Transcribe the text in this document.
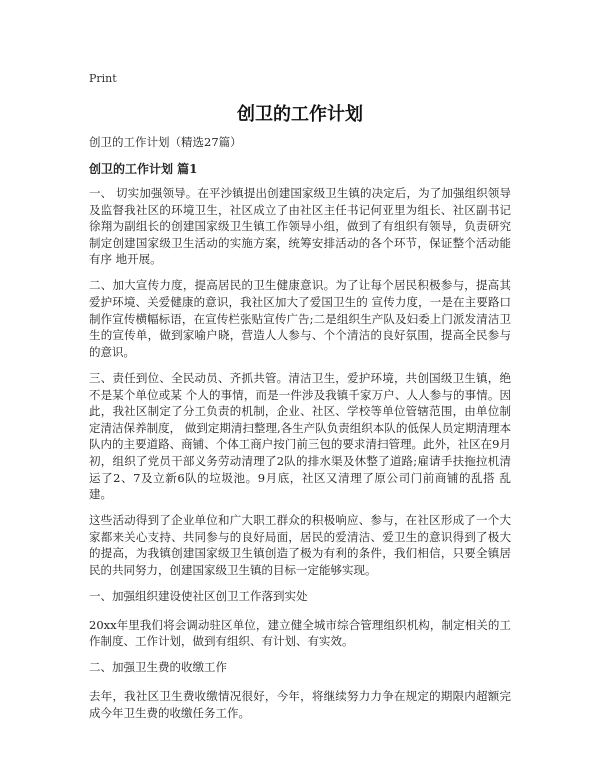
Print
创卫的工作计划
创卫的工作计划（精选27篇）
创卫的工作计划 篇1

一、 切实加强领导。在平沙镇提出创建国家级卫生镇的决定后，为了加强组织领导及监督我社区的环境卫生，社区成立了由社区主任书记何亚里为组长、社区副书记徐翔为副组长的创建国家级卫生镇工作领导小组，做到了有组织有领导，负责研究制定创建国家级卫生活动的实施方案，统筹安排活动的各个环节，保证整个活动能有序 地开展。

二、加大宣传力度，提高居民的卫生健康意识。为了让每个居民积极参与，提高其爱护环境、关爱健康的意识，我社区加大了爱国卫生的 宣传力度，一是在主要路口制作宣传横幅标语，在宣传栏张贴宣传广告;二是组织生产队及妇委上门派发清洁卫生的宣传单，做到家喻户晓，营造人人参与、个个清洁的良好氛围，提高全民参与的意识。

三、责任到位、全民动员、齐抓共管。清洁卫生，爱护环境，共创国级卫生镇，绝不是某个单位或某 个人的事情，而是一件涉及我镇千家万户、人人参与的事情。因此，我社区制定了分工负责的机制，企业、社区、学校等单位管辖范围，由单位制定清洁保养制度， 做到定期清扫整理,各生产队负责组织本队的低保人员定期清理本队内的主要道路、商铺、个体工商户按门前三包的要求清扫管理。此外，社区在9月 初，组织了党员干部义务劳动清理了2队的排水渠及休整了道路;雇请手扶拖拉机清运了2、7及立新6队的垃圾池。9月底，社区又清理了原公司门前商铺的乱搭 乱建。

这些活动得到了企业单位和广大职工群众的积极响应、参与，在社区形成了一个大家都来关心支持、共同参与的良好局面，居民的爱清洁、爱卫生的意识得到了极大的提高，为我镇创建国家级卫生镇创造了极为有利的条件，我们相信，只要全镇居民的共同努力，创建国家级卫生镇的目标一定能够实现。

一、加强组织建设使社区创卫工作落到实处

20xx年里我们将会调动驻区单位，建立健全城市综合管理组织机构，制定相关的工作制度、工作计划，做到有组织、有计划、有实效。

二、加强卫生费的收缴工作

去年，我社区卫生费收缴情况很好，今年，将继续努力力争在规定的期限内超额完成今年卫生费的收缴任务工作。
